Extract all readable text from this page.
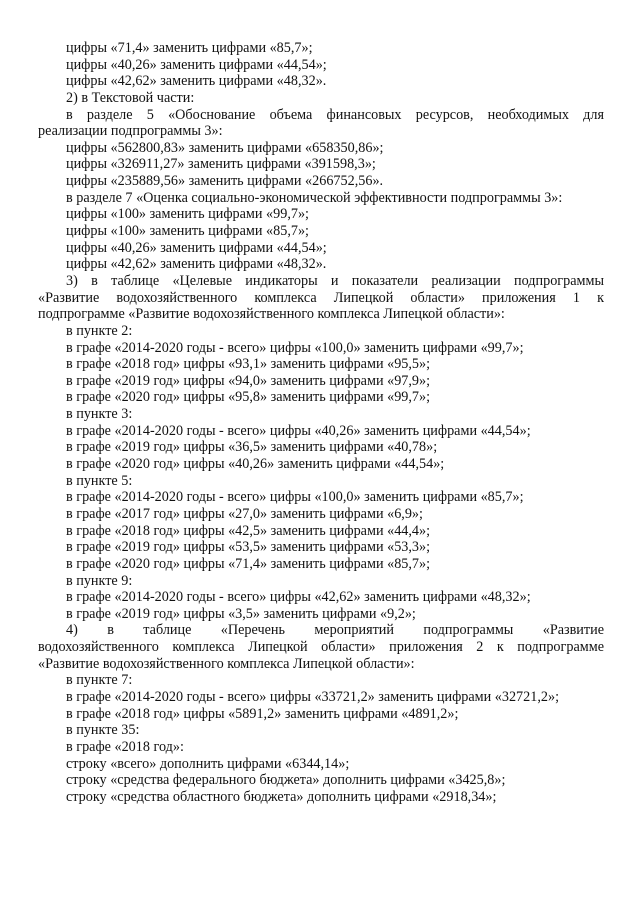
цифры «71,4» заменить цифрами «85,7»;
цифры «40,26» заменить цифрами «44,54»;
цифры «42,62» заменить цифрами «48,32».
2) в Текстовой части:
в разделе 5 «Обоснование объема финансовых ресурсов, необходимых для
реализации подпрограммы 3»:
цифры «562800,83» заменить цифрами «658350,86»;
цифры «326911,27» заменить цифрами «391598,3»;
цифры «235889,56» заменить цифрами «266752,56».
в разделе 7 «Оценка социально-экономической эффективности подпрограммы 3»:
цифры «100» заменить цифрами «99,7»;
цифры «100» заменить цифрами «85,7»;
цифры «40,26» заменить цифрами «44,54»;
цифры «42,62» заменить цифрами «48,32».
3) в таблице «Целевые индикаторы и показатели реализации подпрограммы
«Развитие водохозяйственного комплекса Липецкой области» приложения 1 к
подпрограмме «Развитие водохозяйственного комплекса Липецкой области»:
в пункте 2:
в графе «2014-2020 годы - всего» цифры «100,0» заменить цифрами «99,7»;
в графе «2018 год» цифры «93,1» заменить цифрами «95,5»;
в графе «2019 год» цифры «94,0» заменить цифрами «97,9»;
в графе «2020 год» цифры «95,8» заменить цифрами «99,7»;
в пункте 3:
в графе «2014-2020 годы - всего» цифры «40,26» заменить цифрами «44,54»;
в графе «2019 год» цифры «36,5» заменить цифрами «40,78»;
в графе «2020 год» цифры «40,26» заменить цифрами «44,54»;
в пункте 5:
в графе «2014-2020 годы - всего» цифры «100,0» заменить цифрами «85,7»;
в графе «2017 год» цифры «27,0» заменить цифрами «6,9»;
в графе «2018 год» цифры «42,5» заменить цифрами «44,4»;
в графе «2019 год» цифры «53,5» заменить цифрами «53,3»;
в графе «2020 год» цифры «71,4» заменить цифрами «85,7»;
в пункте 9:
в графе «2014-2020 годы - всего» цифры «42,62» заменить цифрами «48,32»;
в графе «2019 год» цифры «3,5» заменить цифрами «9,2»;
4) в таблице «Перечень мероприятий подпрограммы «Развитие
водохозяйственного комплекса Липецкой области» приложения 2 к подпрограмме
«Развитие водохозяйственного комплекса Липецкой области»:
в пункте 7:
в графе «2014-2020 годы - всего» цифры «33721,2» заменить цифрами «32721,2»;
в графе «2018 год» цифры «5891,2» заменить цифрами «4891,2»;
в пункте 35:
в графе «2018 год»:
строку «всего» дополнить цифрами «6344,14»;
строку «средства федерального бюджета» дополнить цифрами «3425,8»;
строку «средства областного бюджета» дополнить цифрами «2918,34»;
